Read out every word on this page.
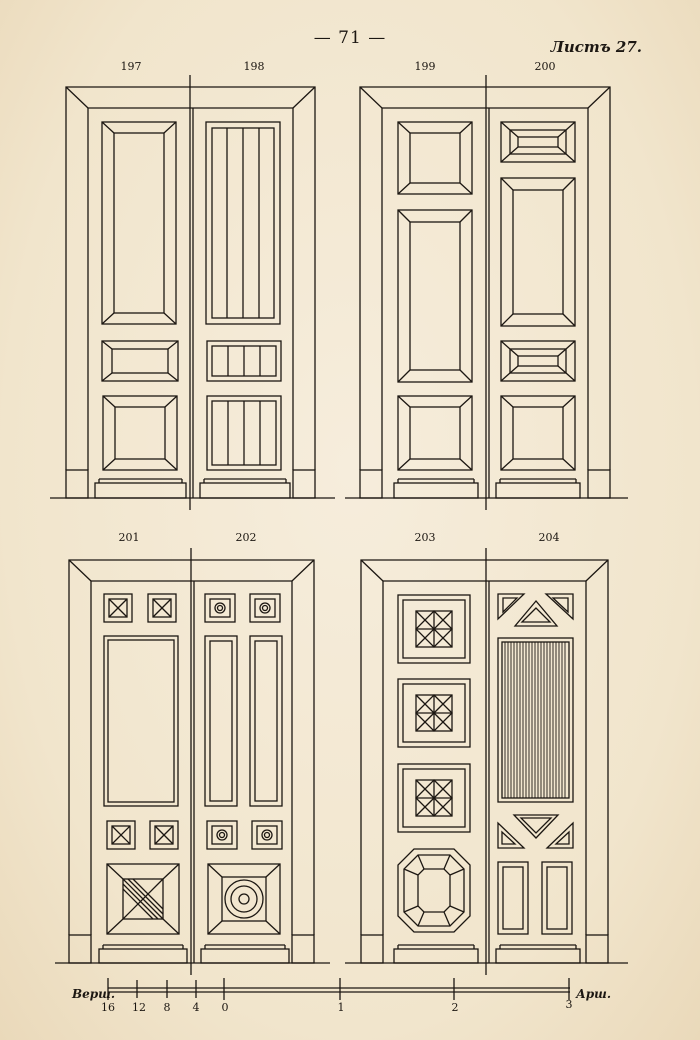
— 71 —	Листъ 27.
197	198	199	200
201	202	203	204
Верш.	Арш.
16 12 8 4 0	1	2	3
